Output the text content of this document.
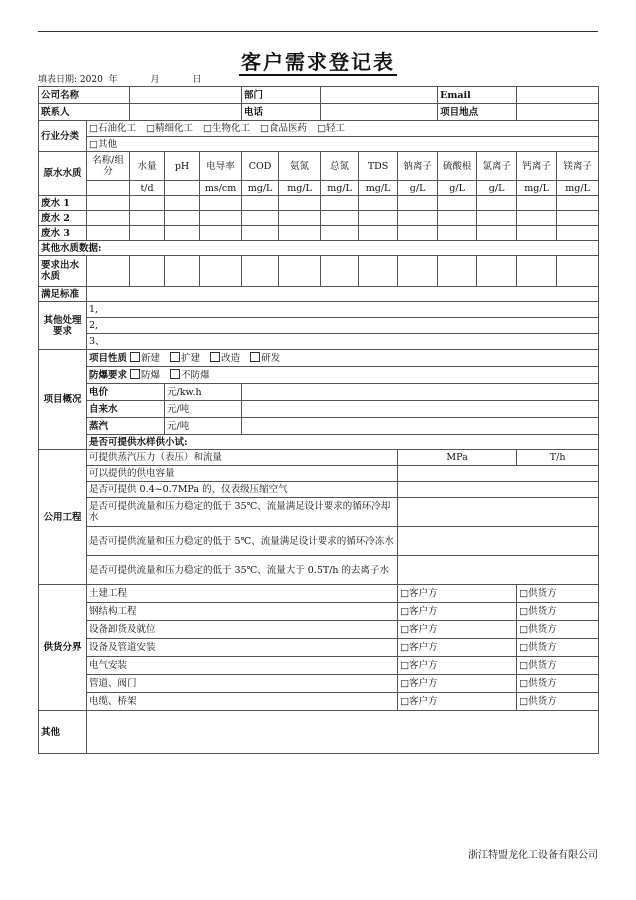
客户需求登记表
填表日期: 2020 年	月	日
公司名称					部门					Email			
联系人					电话					项目地点			
行业分类	□石油化工 □精细化工 □生物化工 □食品医药 □轻工												
	□其他												
原水水质	名称/组分	水量	pH	电导率	COD	氨氮	总氮	TDS	钠离子	硫酸根	氯离子	钙离子	镁离子
		t/d		ms/cm	mg/L	mg/L	mg/L	mg/L	g/L	g/L	g/L	mg/L	mg/L
废水 1													
废水 2													
废水 3													
其他水质数据:													
要求出水水质													
满足标准													
其他处理要求	1,												
	2,												
	3、												
项目概况	项目性质 新建 扩建 改造 研发												
	防爆要求 防爆 不防爆												
	电价		元/kw.h										
	自来水		元/吨										
	蒸汽		元/吨										
	是否可提供水样供小试:												
公用工程	可提供蒸汽压力（表压）和流量								MPa			T/h	
	可以提供的供电容量												
	是否可提供 0.4~0.7MPa 的、仪表级压缩空气												
	是否可提供流量和压力稳定的低于 35℃、流量满足设计要求的循环冷却水												
	是否可提供流量和压力稳定的低于 5℃、流量满足设计要求的循环冷冻水												
	是否可提供流量和压力稳定的低于 35℃、流量大于 0.5T/h 的去离子水												
供货分界	土建工程								□客户方			□供货方	
	钢结构工程								□客户方			□供货方	
	设备卸货及就位								□客户方			□供货方	
	设备及管道安装								□客户方			□供货方	
	电气安装								□客户方			□供货方	
	管道、阀门								□客户方			□供货方	
	电缆、桥架								□客户方			□供货方	
其他													
浙江特盟龙化工设备有限公司
